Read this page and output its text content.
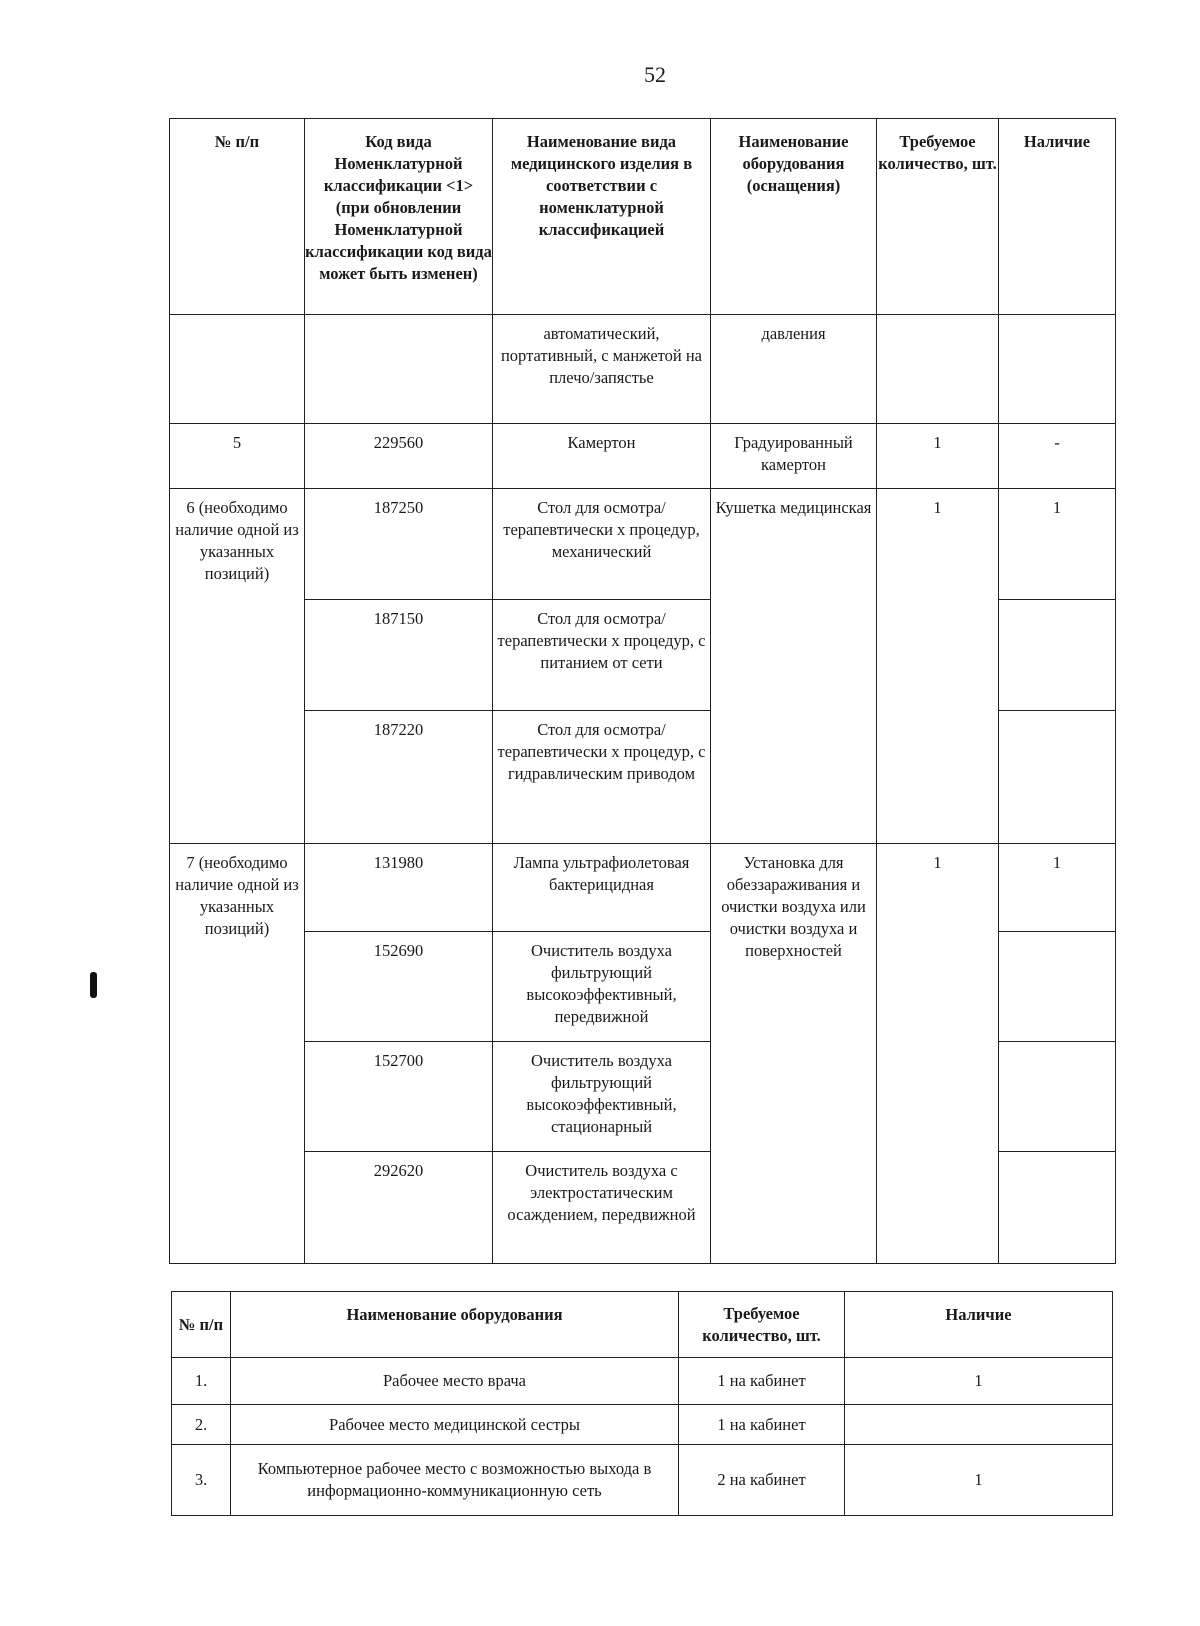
52
№ п/п	Код вида Номенклатурной классификации <1> (при обновлении Номенклатурной классификации код вида может быть изменен)	Наименование вида медицинского изделия в соответствии с номенклатурной классификацией	Наименование оборудования (оснащения)	Требуемое количество, шт.	Наличие

		автоматический, портативный, с манжетой на плечо/запястье	давления		

5	229560	Камертон	Градуированный камертон	1	-

6 (необходимо наличие одной из указанных позиций)	187250	Стол для осмотра/терапевтически х процедур, механический	Кушетка медицинская	1	1

	187150	Стол для осмотра/терапевтически х процедур, с питанием от сети			

	187220	Стол для осмотра/терапевтически х процедур, с гидравлическим приводом			

7 (необходимо наличие одной из указанных позиций)	131980	Лампа ультрафиолетовая бактерицидная	Установка для обеззараживания и очистки воздуха или очистки воздуха и поверхностей	1	1

	152690	Очиститель воздуха фильтрующий высокоэффективный, передвижной			

	152700	Очиститель воздуха фильтрующий высокоэффективный, стационарный			

	292620	Очиститель воздуха с электростатическим осаждением, передвижной			

№ п/п	Наименование оборудования	Требуемое количество, шт.	Наличие
1.	Рабочее место врача	1 на кабинет	1
2.	Рабочее место медицинской сестры	1 на кабинет	
3.	Компьютерное рабочее место с возможностью выхода в информационно-коммуникационную сеть	2 на кабинет	1
